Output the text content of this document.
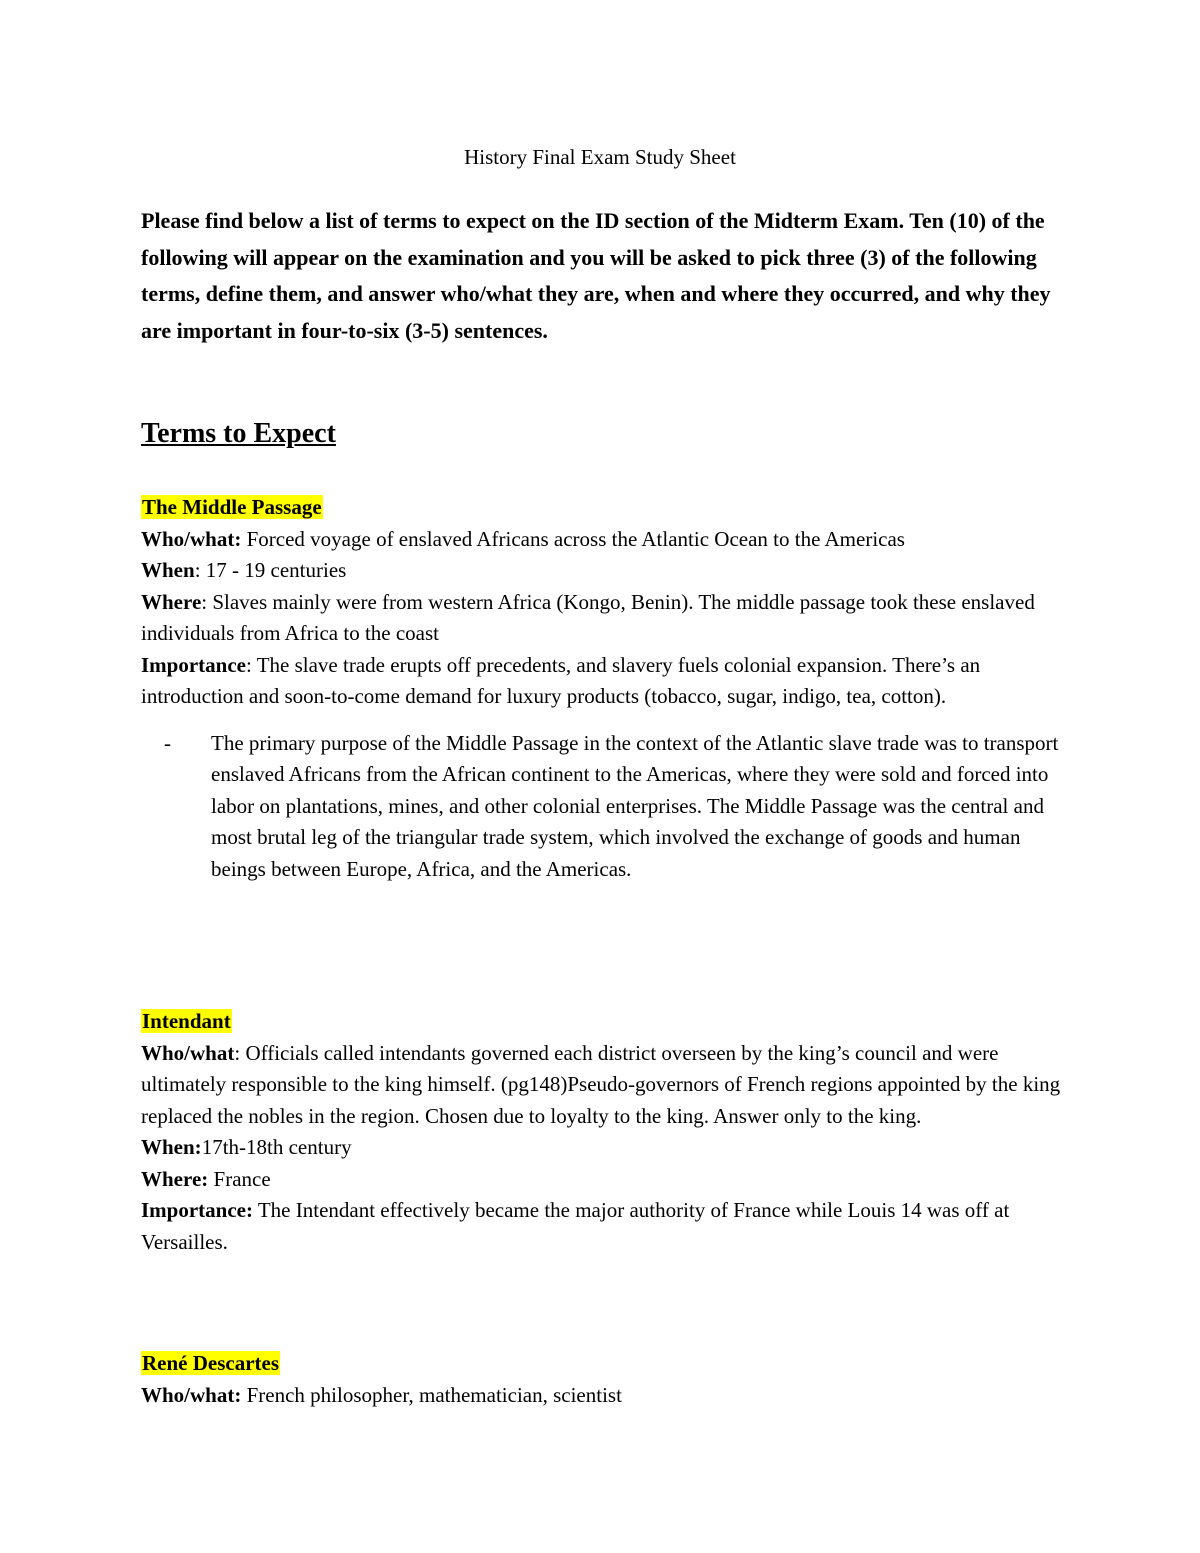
History Final Exam Study Sheet

Please find below a list of terms to expect on the ID section of the Midterm Exam. Ten (10) of the following will appear on the examination and you will be asked to pick three (3) of the following terms, define them, and answer who/what they are, when and where they occurred, and why they are important in four-to-six (3-5) sentences.

Terms to Expect

The Middle Passage

Who/what: Forced voyage of enslaved Africans across the Atlantic Ocean to the Americas

When: 17 - 19 centuries

Where: Slaves mainly were from western Africa (Kongo, Benin). The middle passage took these enslaved individuals from Africa to the coast

Importance: The slave trade erupts off precedents, and slavery fuels colonial expansion. There’s an introduction and soon-to-come demand for luxury products (tobacco, sugar, indigo, tea, cotton).

- The primary purpose of the Middle Passage in the context of the Atlantic slave trade was to transport enslaved Africans from the African continent to the Americas, where they were sold and forced into labor on plantations, mines, and other colonial enterprises. The Middle Passage was the central and most brutal leg of the triangular trade system, which involved the exchange of goods and human beings between Europe, Africa, and the Americas.

Intendant

Who/what: Officials called intendants governed each district overseen by the king’s council and were ultimately responsible to the king himself. (pg148)Pseudo-governors of French regions appointed by the king replaced the nobles in the region. Chosen due to loyalty to the king. Answer only to the king.

When:17th-18th century

Where: France

Importance: The Intendant effectively became the major authority of France while Louis 14 was off at Versailles.

René Descartes

Who/what: French philosopher, mathematician, scientist
